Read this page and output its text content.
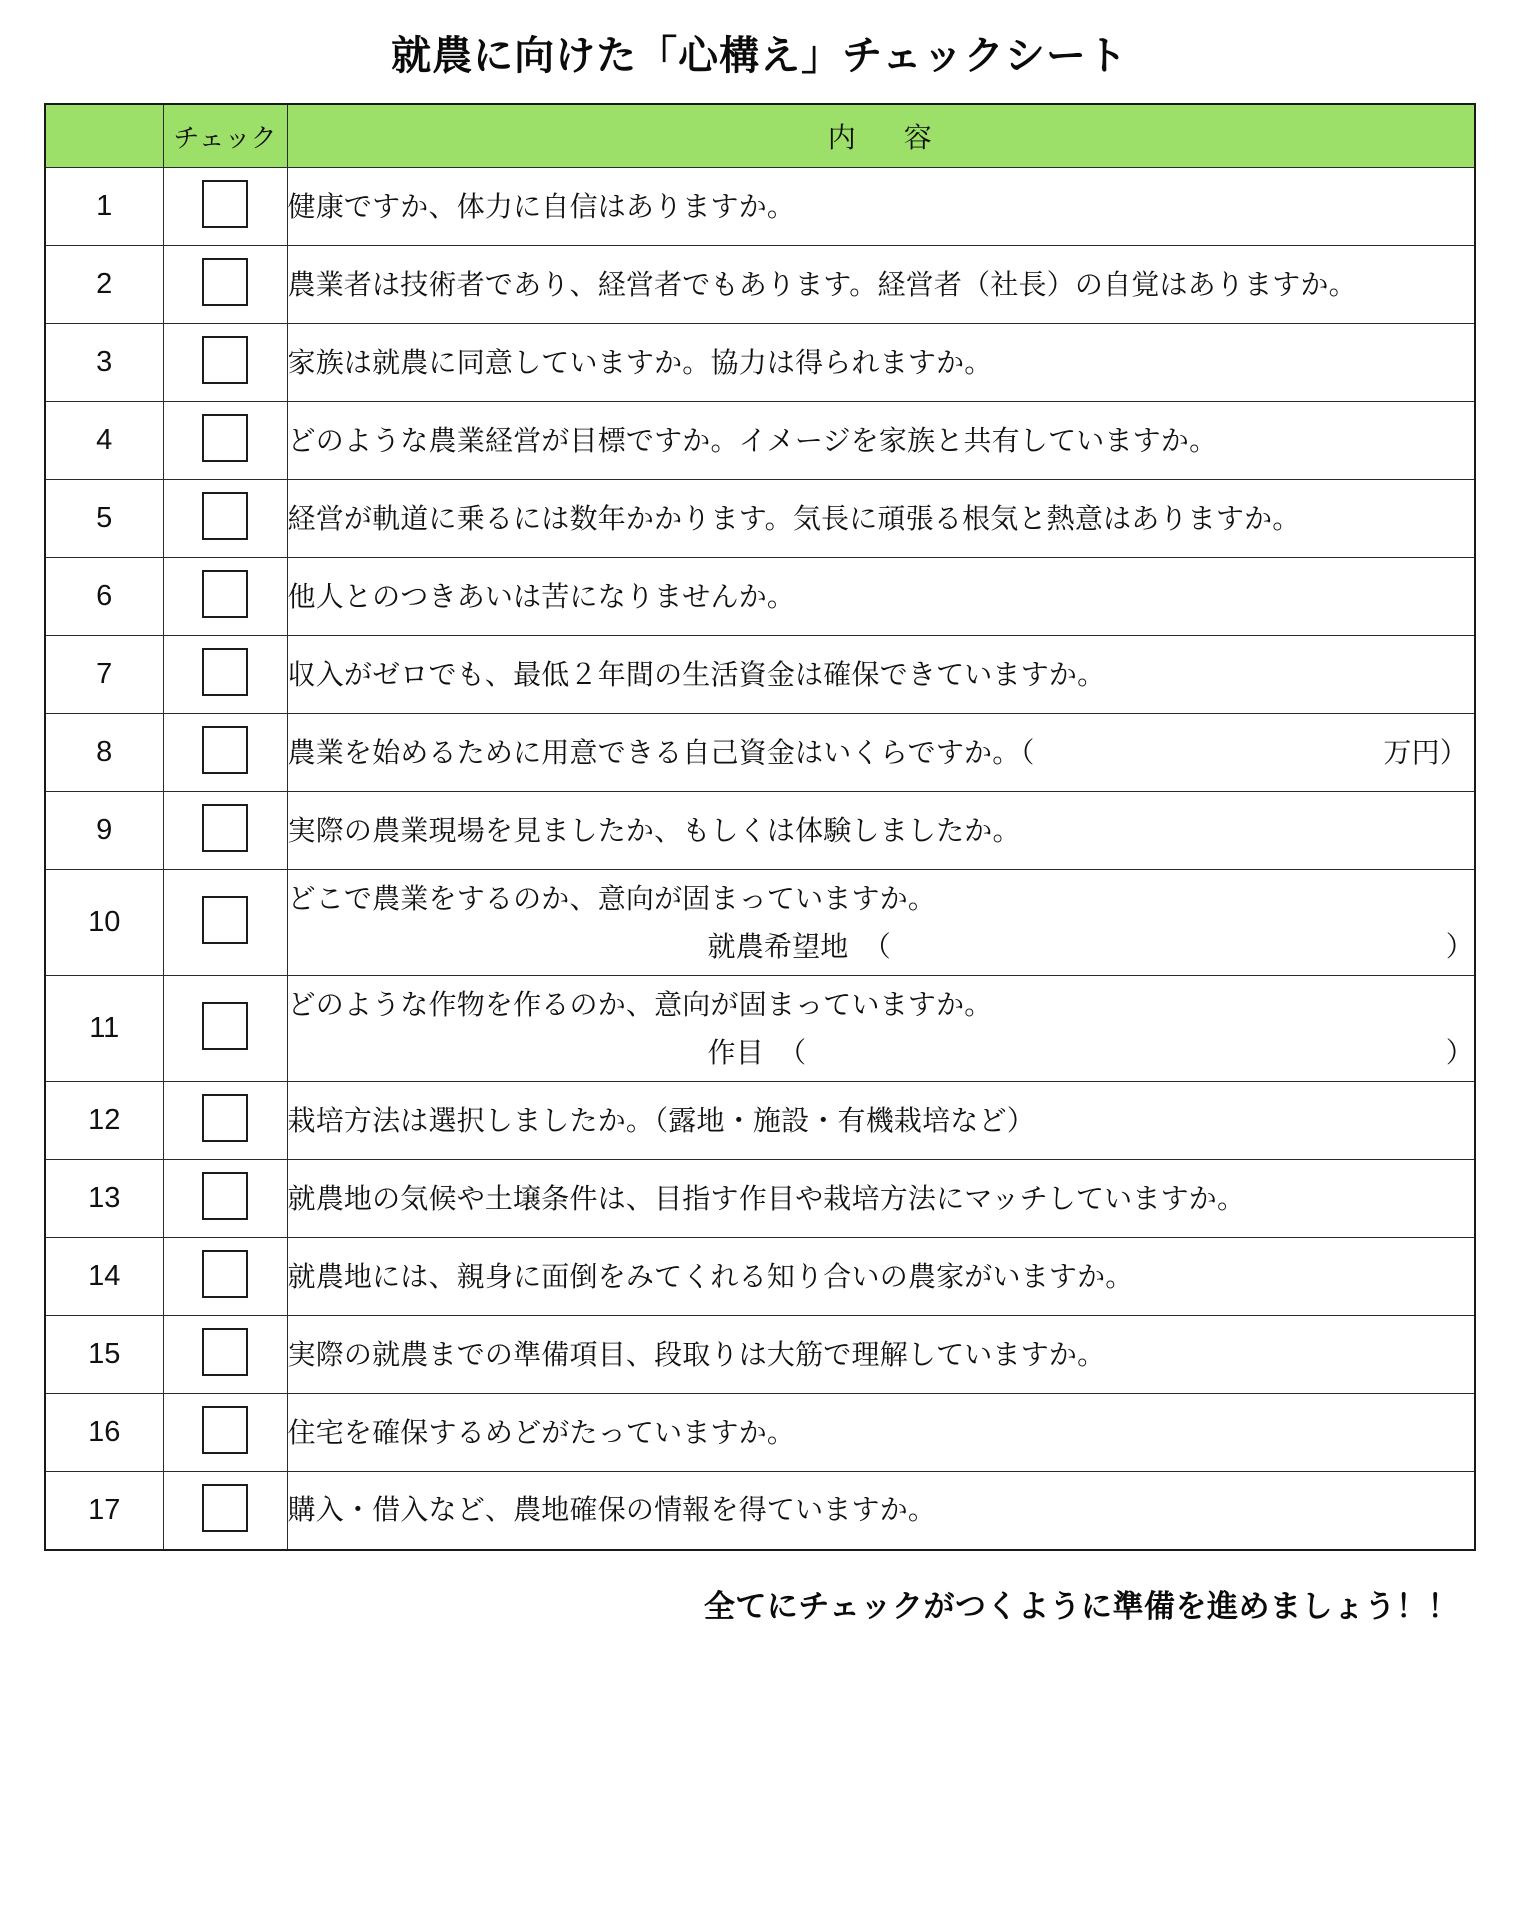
就農に向けた「心構え」チェックシート
	チェック	内 容

1		健康ですか、体力に自信はありますか。

2		農業者は技術者であり、経営者でもあります。経営者（社長）の自覚はありますか。

3		家族は就農に同意していますか。協力は得られますか。

4		どのような農業経営が目標ですか。イメージを家族と共有していますか。

5		経営が軌道に乗るには数年かかります。気長に頑張る根気と熱意はありますか。

6		他人とのつきあいは苦になりませんか。

7		収入がゼロでも、最低２年間の生活資金は確保できていますか。

8		農業を始めるために用意できる自己資金はいくらですか。（ 万円）

9		実際の農業現場を見ましたか、もしくは体験しましたか。

10		どこで農業をするのか、意向が固まっていますか。
就農希望地　（ ）

11		どのような作物を作るのか、意向が固まっていますか。
作目　（ ）

12		栽培方法は選択しましたか。（露地・施設・有機栽培など）

13		就農地の気候や土壌条件は、目指す作目や栽培方法にマッチしていますか。

14		就農地には、親身に面倒をみてくれる知り合いの農家がいますか。

15		実際の就農までの準備項目、段取りは大筋で理解していますか。

16		住宅を確保するめどがたっていますか。

17		購入・借入など、農地確保の情報を得ていますか。
全てにチェックがつくように準備を進めましょう！！
